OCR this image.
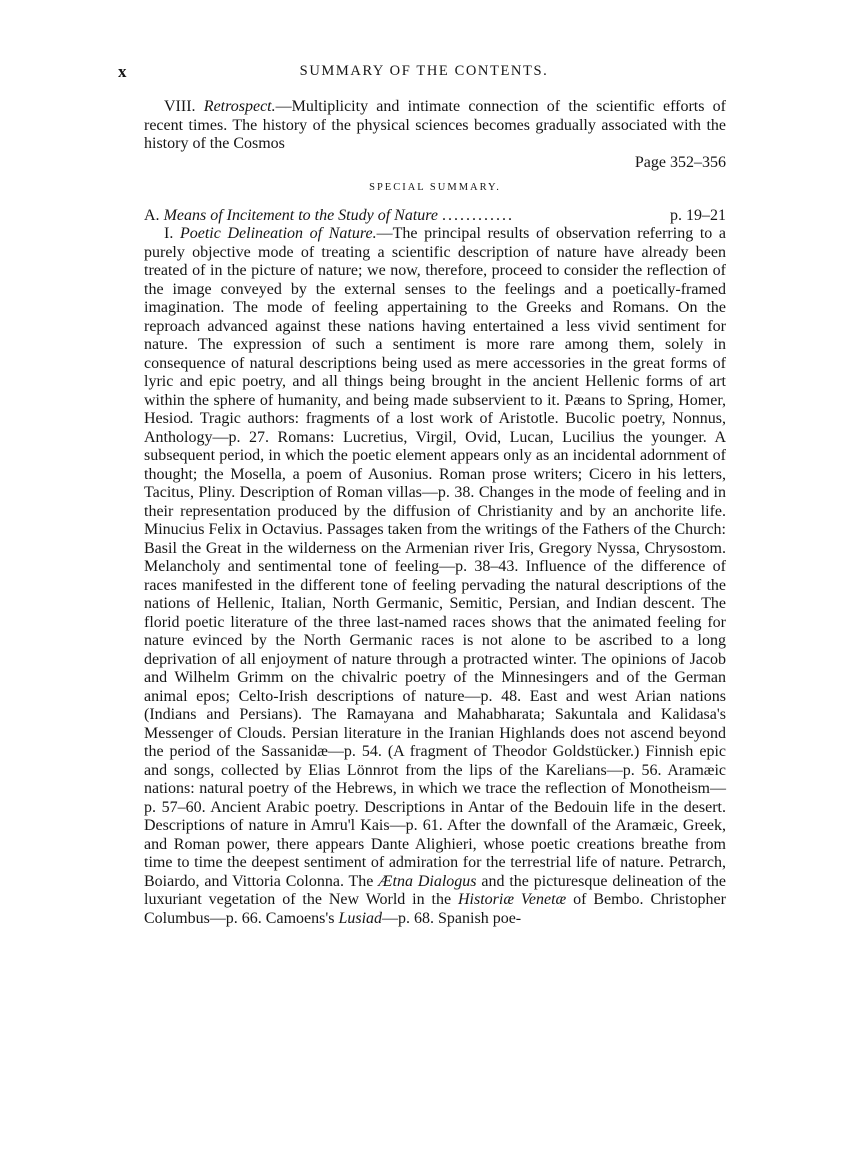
x	SUMMARY OF THE CONTENTS.

VIII. Retrospect.—Multiplicity and intimate connection of the scientific efforts of recent times. The history of the physical sciences becomes gradually associated with the history of the Cosmos
Page 352–356

SPECIAL SUMMARY.

p. 19–21
A. Means of Incitement to the Study of Nature ............

I. Poetic Delineation of Nature.—The principal results of observation referring to a purely objective mode of treating a scientific description of nature have already been treated of in the picture of nature; we now, therefore, proceed to consider the reflection of the image conveyed by the external senses to the feelings and a poetically-framed imagination. The mode of feeling appertaining to the Greeks and Romans. On the reproach advanced against these nations having entertained a less vivid sentiment for nature. The expression of such a sentiment is more rare among them, solely in consequence of natural descriptions being used as mere accessories in the great forms of lyric and epic poetry, and all things being brought in the ancient Hellenic forms of art within the sphere of humanity, and being made subservient to it. Pæans to Spring, Homer, Hesiod. Tragic authors: fragments of a lost work of Aristotle. Bucolic poetry, Nonnus, Anthology—p. 27. Romans: Lucretius, Virgil, Ovid, Lucan, Lucilius the younger. A subsequent period, in which the poetic element appears only as an incidental adornment of thought; the Mosella, a poem of Ausonius. Roman prose writers; Cicero in his letters, Tacitus, Pliny. Description of Roman villas—p. 38. Changes in the mode of feeling and in their representation produced by the diffusion of Christianity and by an anchorite life. Minucius Felix in Octavius. Passages taken from the writings of the Fathers of the Church: Basil the Great in the wilderness on the Armenian river Iris, Gregory Nyssa, Chrysostom. Melancholy and sentimental tone of feeling—p. 38–43. Influence of the difference of races manifested in the different tone of feeling pervading the natural descriptions of the nations of Hellenic, Italian, North Germanic, Semitic, Persian, and Indian descent. The florid poetic literature of the three last-named races shows that the animated feeling for nature evinced by the North Germanic races is not alone to be ascribed to a long deprivation of all enjoyment of nature through a protracted winter. The opinions of Jacob and Wilhelm Grimm on the chivalric poetry of the Minnesingers and of the German animal epos; Celto-Irish descriptions of nature—p. 48. East and west Arian nations (Indians and Persians). The Ramayana and Mahabharata; Sakuntala and Kalidasa's Messenger of Clouds. Persian literature in the Iranian Highlands does not ascend beyond the period of the Sassanidæ—p. 54. (A fragment of Theodor Goldstücker.) Finnish epic and songs, collected by Elias Lönnrot from the lips of the Karelians—p. 56. Aramæic nations: natural poetry of the Hebrews, in which we trace the reflection of Monotheism—p. 57–60. Ancient Arabic poetry. Descriptions in Antar of the Bedouin life in the desert. Descriptions of nature in Amru'l Kais—p. 61. After the downfall of the Aramæic, Greek, and Roman power, there appears Dante Alighieri, whose poetic creations breathe from time to time the deepest sentiment of admiration for the terrestrial life of nature. Petrarch, Boiardo, and Vittoria Colonna. The Ætna Dialogus and the picturesque delineation of the luxuriant vegetation of the New World in the Historiæ Venetæ of Bembo. Christopher Columbus—p. 66. Camoens's Lusiad—p. 68. Spanish poe-
